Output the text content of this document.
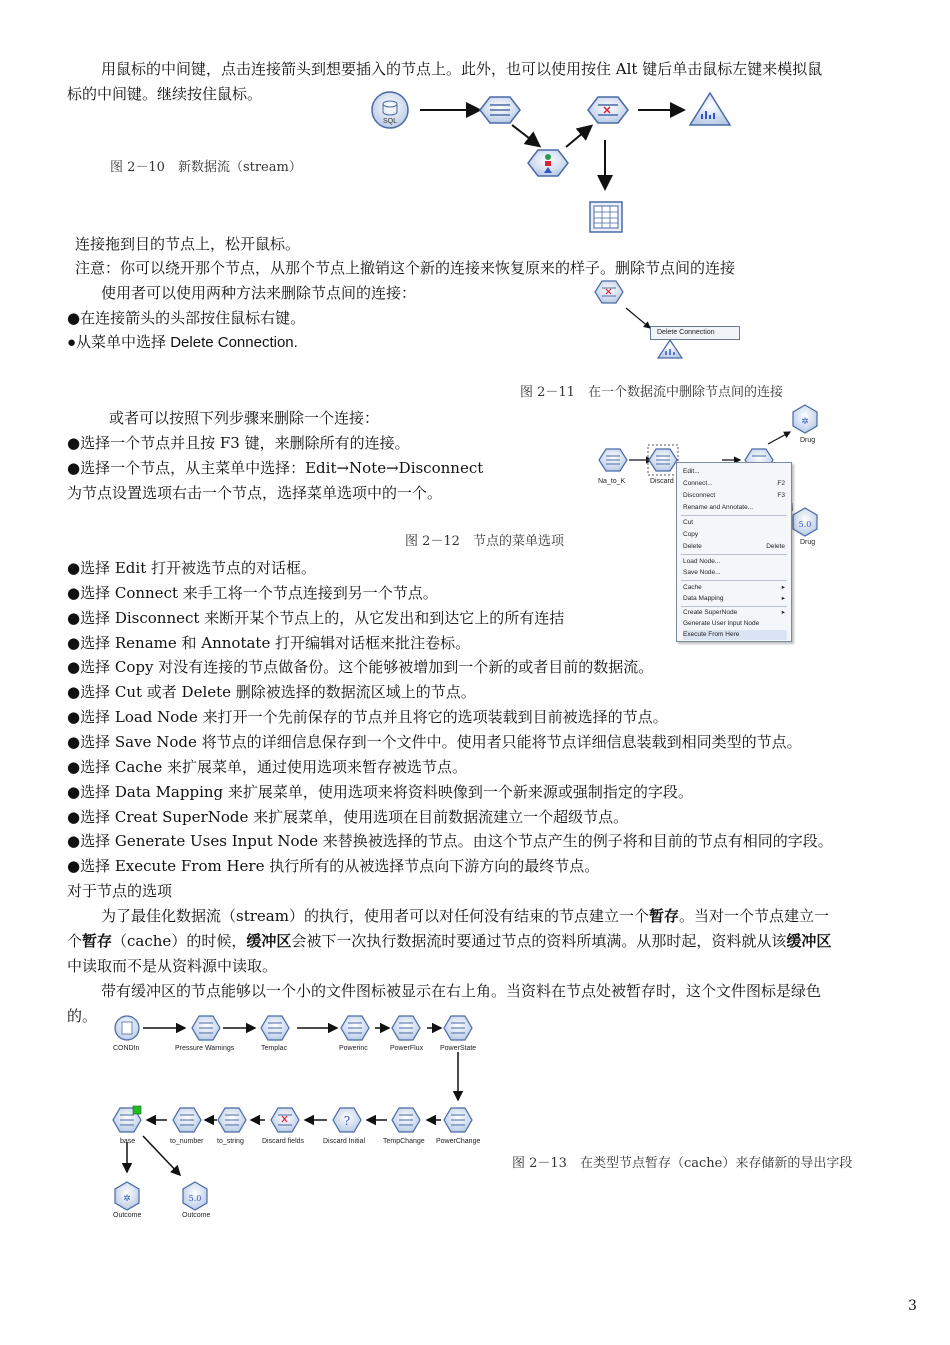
用鼠标的中间键，点击连接箭头到想要插入的节点上。此外，也可以使用按住 Alt 键后单击鼠标左键来模拟鼠
标的中间键。继续按住鼠标。
图 2－10　新数据流（stream）
SQL
连接拖到目的节点上，松开鼠标。
注意：你可以绕开那个节点，从那个节点上撤销这个新的连接来恢复原来的样子。删除节点间的连接
使用者可以使用两种方法来删除节点间的连接：
●在连接箭头的头部按住鼠标右键。
●从菜单中选择 Delete Connection.
Delete Connection
图 2－11　在一个数据流中删除节点间的连接
或者可以按照下列步骤来删除一个连接：
●选择一个节点并且按 F3 键，来删除所有的连接。
●选择一个节点，从主菜单中选择：Edit→Note→Disconnect
为节点设置选项右击一个节点，选择菜单选项中的一个。
✲
5.0
Na_to_K	Discard
Drug
Drug
Edit...
Connect...	F2
Disconnect	F3
Rename and Annotate...
Cut
Copy
Delete	Delete
Load Node...
Save Node...
Cache	▸
Data Mapping	▸
Create SuperNode	▸
Generate User Input Node
Execute From Here
图 2－12　节点的菜单选项
●选择 Edit 打开被选节点的对话框。
●选择 Connect 来手工将一个节点连接到另一个节点。
●选择 Disconnect 来断开某个节点上的，从它发出和到达它上的所有连拮
●选择 Rename 和 Annotate 打开编辑对话框来批注卷标。
●选择 Copy 对没有连接的节点做备份。这个能够被增加到一个新的或者目前的数据流。
●选择 Cut 或者 Delete 删除被选择的数据流区域上的节点。
●选择 Load Node 来打开一个先前保存的节点并且将它的选项装载到目前被选择的节点。
●选择 Save Node 将节点的详细信息保存到一个文件中。使用者只能将节点详细信息装载到相同类型的节点。
●选择 Cache 来扩展菜单，通过使用选项来暂存被选节点。
●选择 Data Mapping 来扩展菜单，使用选项来将资料映像到一个新来源或强制指定的字段。
●选择 Creat SuperNode 来扩展菜单，使用选项在目前数据流建立一个超级节点。
●选择 Generate Uses Input Node 来替换被选择的节点。由这个节点产生的例子将和目前的节点有相同的字段。
●选择 Execute From Here 执行所有的从被选择节点向下游方向的最终节点。
对于节点的选项
为了最佳化数据流（stream）的执行，使用者可以对任何没有结束的节点建立一个暂存。当对一个节点建立一
个暂存（cache）的时候，缓冲区会被下一次执行数据流时要通过节点的资料所填满。从那时起，资料就从该缓冲区
中读取而不是从资料源中读取。
带有缓冲区的节点能够以一个小的文件图标被显示在右上角。当资料在节点处被暂存时，这个文件图标是绿色
的。
?
✲	5.0
CONDIn	Pressure Warnings	Templac	Powerinc	PowerFlux PowerState
base	to_number to_string	Discard fields	Discard Initial	TempChange PowerChange
Outcome	Outcome
图 2－13　在类型节点暂存（cache）来存储新的导出字段
3
